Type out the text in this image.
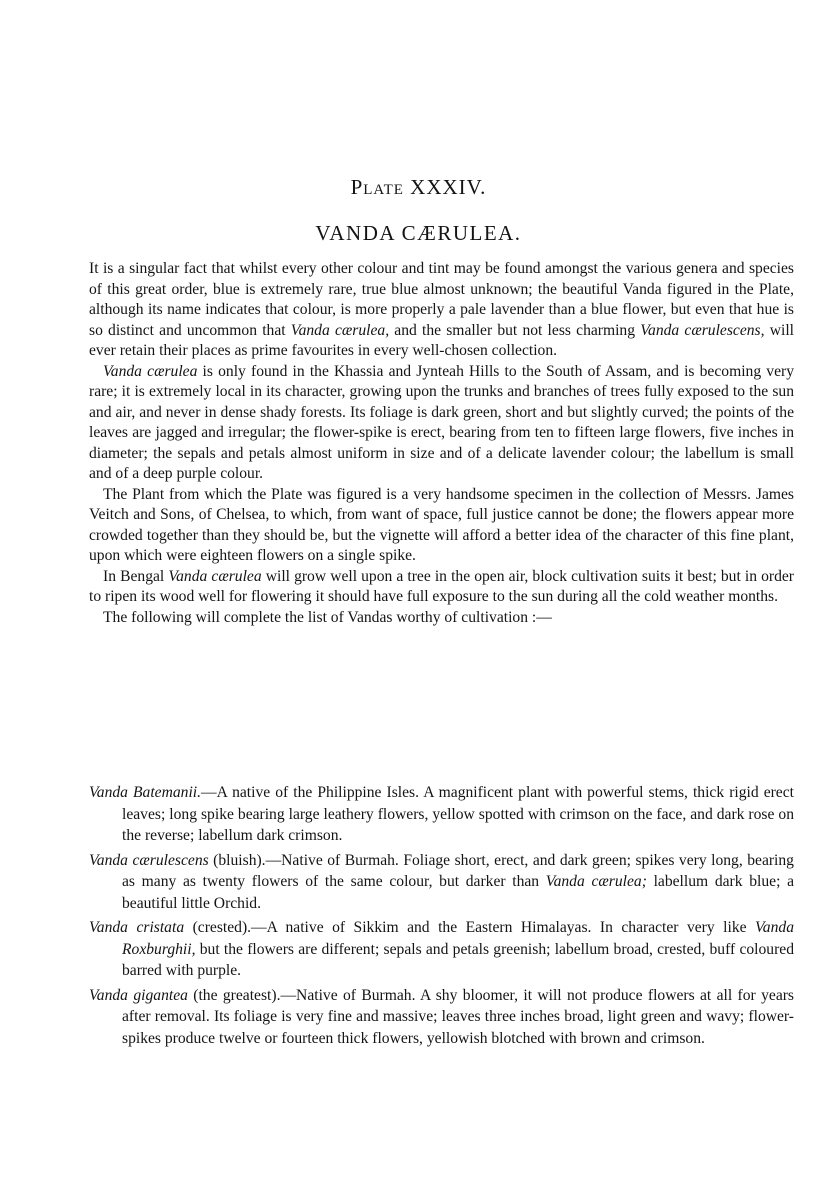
Plate XXXIV.
VANDA CÆRULEA.

It is a singular fact that whilst every other colour and tint may be found amongst the various genera and species of this great order, blue is extremely rare, true blue almost unknown; the beautiful Vanda figured in the Plate, although its name indicates that colour, is more properly a pale lavender than a blue flower, but even that hue is so distinct and uncommon that Vanda cærulea, and the smaller but not less charming Vanda cærulescens, will ever retain their places as prime favourites in every well-chosen collection.

Vanda cærulea is only found in the Khassia and Jynteah Hills to the South of Assam, and is becoming very rare; it is extremely local in its character, growing upon the trunks and branches of trees fully exposed to the sun and air, and never in dense shady forests. Its foliage is dark green, short and but slightly curved; the points of the leaves are jagged and irregular; the flower-spike is erect, bearing from ten to fifteen large flowers, five inches in diameter; the sepals and petals almost uniform in size and of a delicate lavender colour; the labellum is small and of a deep purple colour.

The Plant from which the Plate was figured is a very handsome specimen in the collection of Messrs. James Veitch and Sons, of Chelsea, to which, from want of space, full justice cannot be done; the flowers appear more crowded together than they should be, but the vignette will afford a better idea of the character of this fine plant, upon which were eighteen flowers on a single spike.

In Bengal Vanda cærulea will grow well upon a tree in the open air, block cultivation suits it best; but in order to ripen its wood well for flowering it should have full exposure to the sun during all the cold weather months.

The following will complete the list of Vandas worthy of cultivation :—

Vanda Batemanii.—A native of the Philippine Isles. A magnificent plant with powerful stems, thick rigid erect leaves; long spike bearing large leathery flowers, yellow spotted with crimson on the face, and dark rose on the reverse; labellum dark crimson.

Vanda cærulescens (bluish).—Native of Burmah. Foliage short, erect, and dark green; spikes very long, bearing as many as twenty flowers of the same colour, but darker than Vanda cærulea; labellum dark blue; a beautiful little Orchid.

Vanda cristata (crested).—A native of Sikkim and the Eastern Himalayas. In character very like Vanda Roxburghii, but the flowers are different; sepals and petals greenish; labellum broad, crested, buff coloured barred with purple.

Vanda gigantea (the greatest).—Native of Burmah. A shy bloomer, it will not produce flowers at all for years after removal. Its foliage is very fine and massive; leaves three inches broad, light green and wavy; flower-spikes produce twelve or fourteen thick flowers, yellowish blotched with brown and crimson.
